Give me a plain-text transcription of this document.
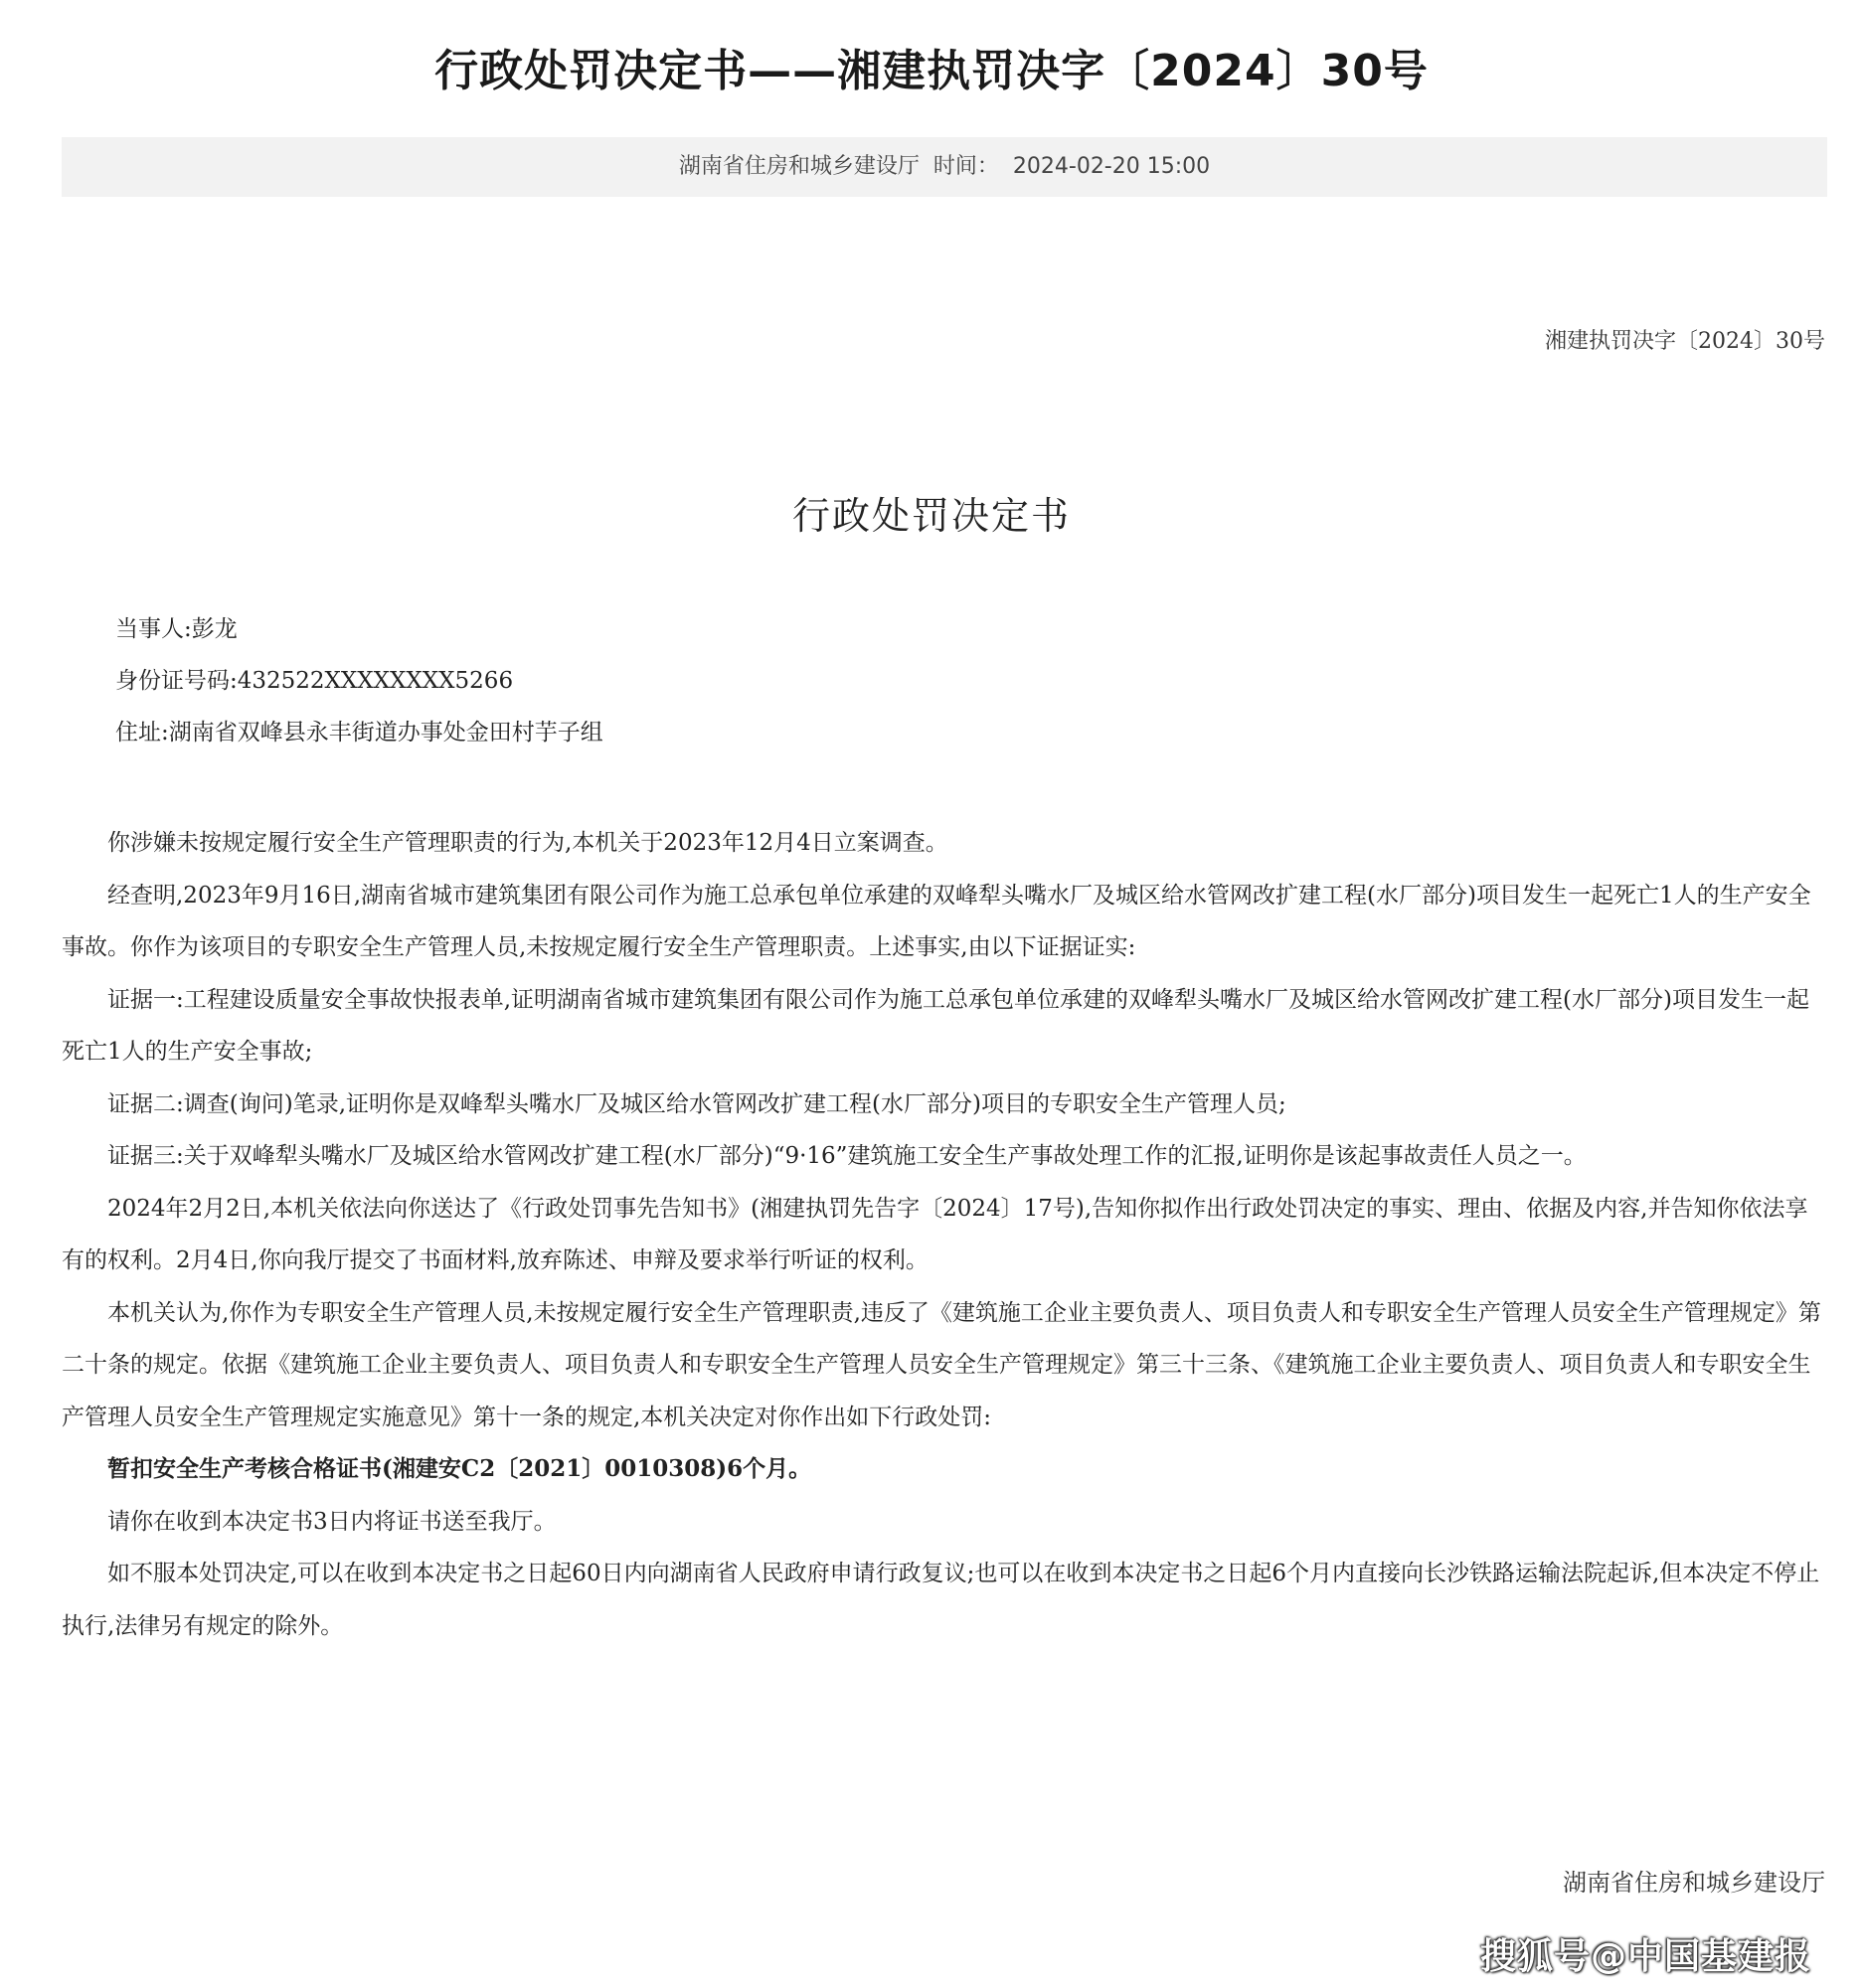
行政处罚决定书——湘建执罚决字〔2024〕30号
湖南省住房和城乡建设厅 时间： 2024-02-20 15:00
湘建执罚决字〔2024〕30号
行政处罚决定书
当事人:彭龙
身份证号码:432522XXXXXXXX5266
住址:湖南省双峰县永丰街道办事处金田村芋子组

你涉嫌未按规定履行安全生产管理职责的行为,本机关于2023年12月4日立案调查。

经查明,2023年9月16日,湖南省城市建筑集团有限公司作为施工总承包单位承建的双峰犁头嘴水厂及城区给水管网改扩建工程(水厂部分)项目发生一起死亡1人的生产安全事故。你作为该项目的专职安全生产管理人员,未按规定履行安全生产管理职责。上述事实,由以下证据证实:

证据一:工程建设质量安全事故快报表单,证明湖南省城市建筑集团有限公司作为施工总承包单位承建的双峰犁头嘴水厂及城区给水管网改扩建工程(水厂部分)项目发生一起死亡1人的生产安全事故;

证据二:调查(询问)笔录,证明你是双峰犁头嘴水厂及城区给水管网改扩建工程(水厂部分)项目的专职安全生产管理人员;

证据三:关于双峰犁头嘴水厂及城区给水管网改扩建工程(水厂部分)“9·16”建筑施工安全生产事故处理工作的汇报,证明你是该起事故责任人员之一。

2024年2月2日,本机关依法向你送达了《行政处罚事先告知书》(湘建执罚先告字〔2024〕17号),告知你拟作出行政处罚决定的事实、理由、依据及内容,并告知你依法享有的权利。2月4日,你向我厅提交了书面材料,放弃陈述、申辩及要求举行听证的权利。

本机关认为,你作为专职安全生产管理人员,未按规定履行安全生产管理职责,违反了《建筑施工企业主要负责人、项目负责人和专职安全生产管理人员安全生产管理规定》第二十条的规定。依据《建筑施工企业主要负责人、项目负责人和专职安全生产管理人员安全生产管理规定》第三十三条、《建筑施工企业主要负责人、项目负责人和专职安全生产管理人员安全生产管理规定实施意见》第十一条的规定,本机关决定对你作出如下行政处罚:

暂扣安全生产考核合格证书(湘建安C2〔2021〕0010308)6个月。

请你在收到本决定书3日内将证书送至我厅。

如不服本处罚决定,可以在收到本决定书之日起60日内向湖南省人民政府申请行政复议;也可以在收到本决定书之日起6个月内直接向长沙铁路运输法院起诉,但本决定不停止执行,法律另有规定的除外。

湖南省住房和城乡建设厅
搜狐号@中国基建报
